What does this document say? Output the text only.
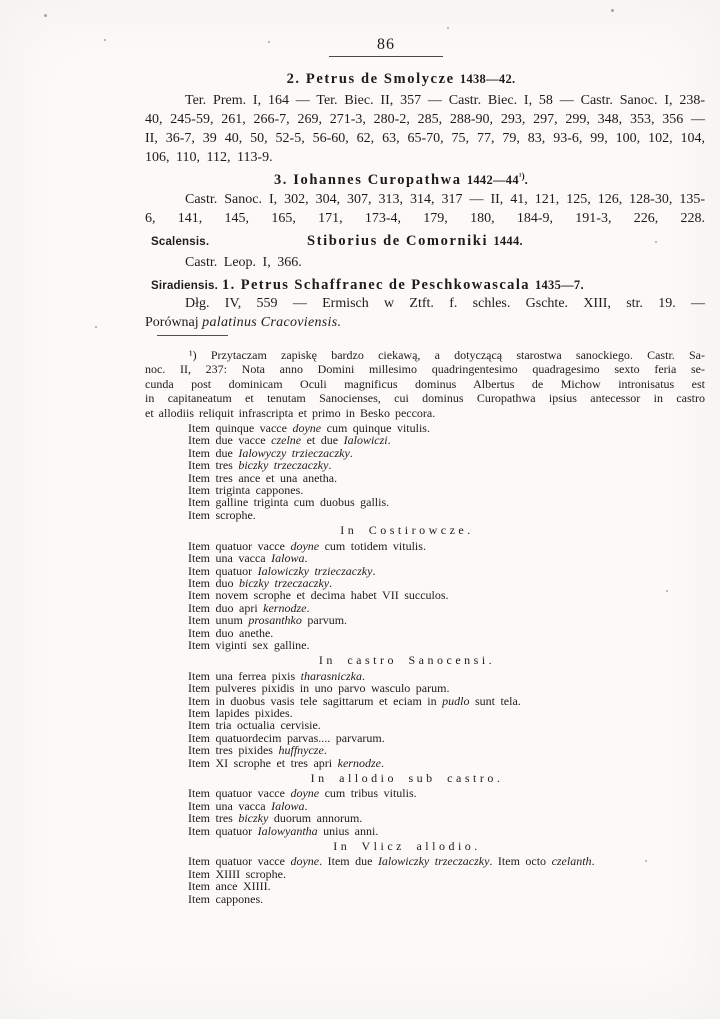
86
2. Petrus de Smolycze 1438—42.
Ter. Prem. I, 164 — Ter. Biec. II, 357 — Castr. Biec. I, 58 — Castr. Sanoc. I, 238-40, 245-59, 261, 266-7, 269, 271-3, 280-2, 285, 288-90, 293, 297, 299, 348, 353, 356 — II, 36-7, 39 40, 50, 52-5, 56-60, 62, 63, 65-70, 75, 77, 79, 83, 93-6, 99, 100, 102, 104, 106, 110, 112, 113-9.
3. Iohannes Curopathwa $1442—44^{^1)}$.
Castr. Sanoc. I, 302, 304, 307, 313, 314, 317 — II, 41, 121, 125, 126, 128-30, 135-6, 141, 145, 165, 171, 173-4, 179, 180, 184-9, 191-3, 226, 228.
Scalensis.	Stiborius de Comorniki 1444.
Castr. Leop. I, 366.
Siradiensis. 1. Petrus Schaffranec de Peschkowascala 1435—7.
Dłg. IV, 559 — Ermisch w Ztft. f. schles. Gschte. XIII, str. 19. —
Porównaj palatinus Cracoviensis.
¹) Przytaczam zapiskę bardzo ciekawą, a dotyczącą starostwa sanockiego. Castr. Sa-
noc. II, 237: Nota anno Domini millesimo quadringentesimo quadragesimo sexto feria se-
cunda post dominicam Oculi magnificus dominus Albertus de Michow intronisatus est
in capitaneatum et tenutam Sanocienses, cui dominus Curopathwa ipsius antecessor in castro
et allodiis reliquit infrascripta et primo in Besko peccora.
Item quinque vacce doyne cum quinque vitulis.
Item due vacce czelne et due Ialowiczi.
Item due Ialowyczy trzieczaczky.
Item tres biczky trzeczaczky.
Item tres ance et una anetha.
Item triginta cappones.
Item galline triginta cum duobus gallis.
Item scrophe.
In Costirowcze.
Item quatuor vacce doyne cum totidem vitulis.
Item una vacca Ialowa.
Item quatuor Ialowiczky trzieczaczky.
Item duo biczky trzeczaczky.
Item novem scrophe et decima habet VII succulos.
Item duo apri kernodze.
Item unum prosanthko parvum.
Item duo anethe.
Item viginti sex galline.
In castro Sanocensi.
Item una ferrea pixis tharasniczka.
Item pulveres pixidis in uno parvo wasculo parum.
Item in duobus vasis tele sagittarum et eciam in pudlo sunt tela.
Item lapides pixides.
Item tria octualia cervisie.
Item quatuordecim parvas.... parvarum.
Item tres pixides huffnycze.
Item XI scrophe et tres apri kernodze.
In allodio sub castro.
Item quatuor vacce doyne cum tribus vitulis.
Item una vacca Ialowa.
Item tres biczky duorum annorum.
Item quatuor Ialowyantha unius anni.
In Vlicz allodio.
Item quatuor vacce doyne. Item due Ialowiczky trzeczaczky. Item octo czelanth.
Item XIIII scrophe.
Item ance XIIII.
Item cappones.
